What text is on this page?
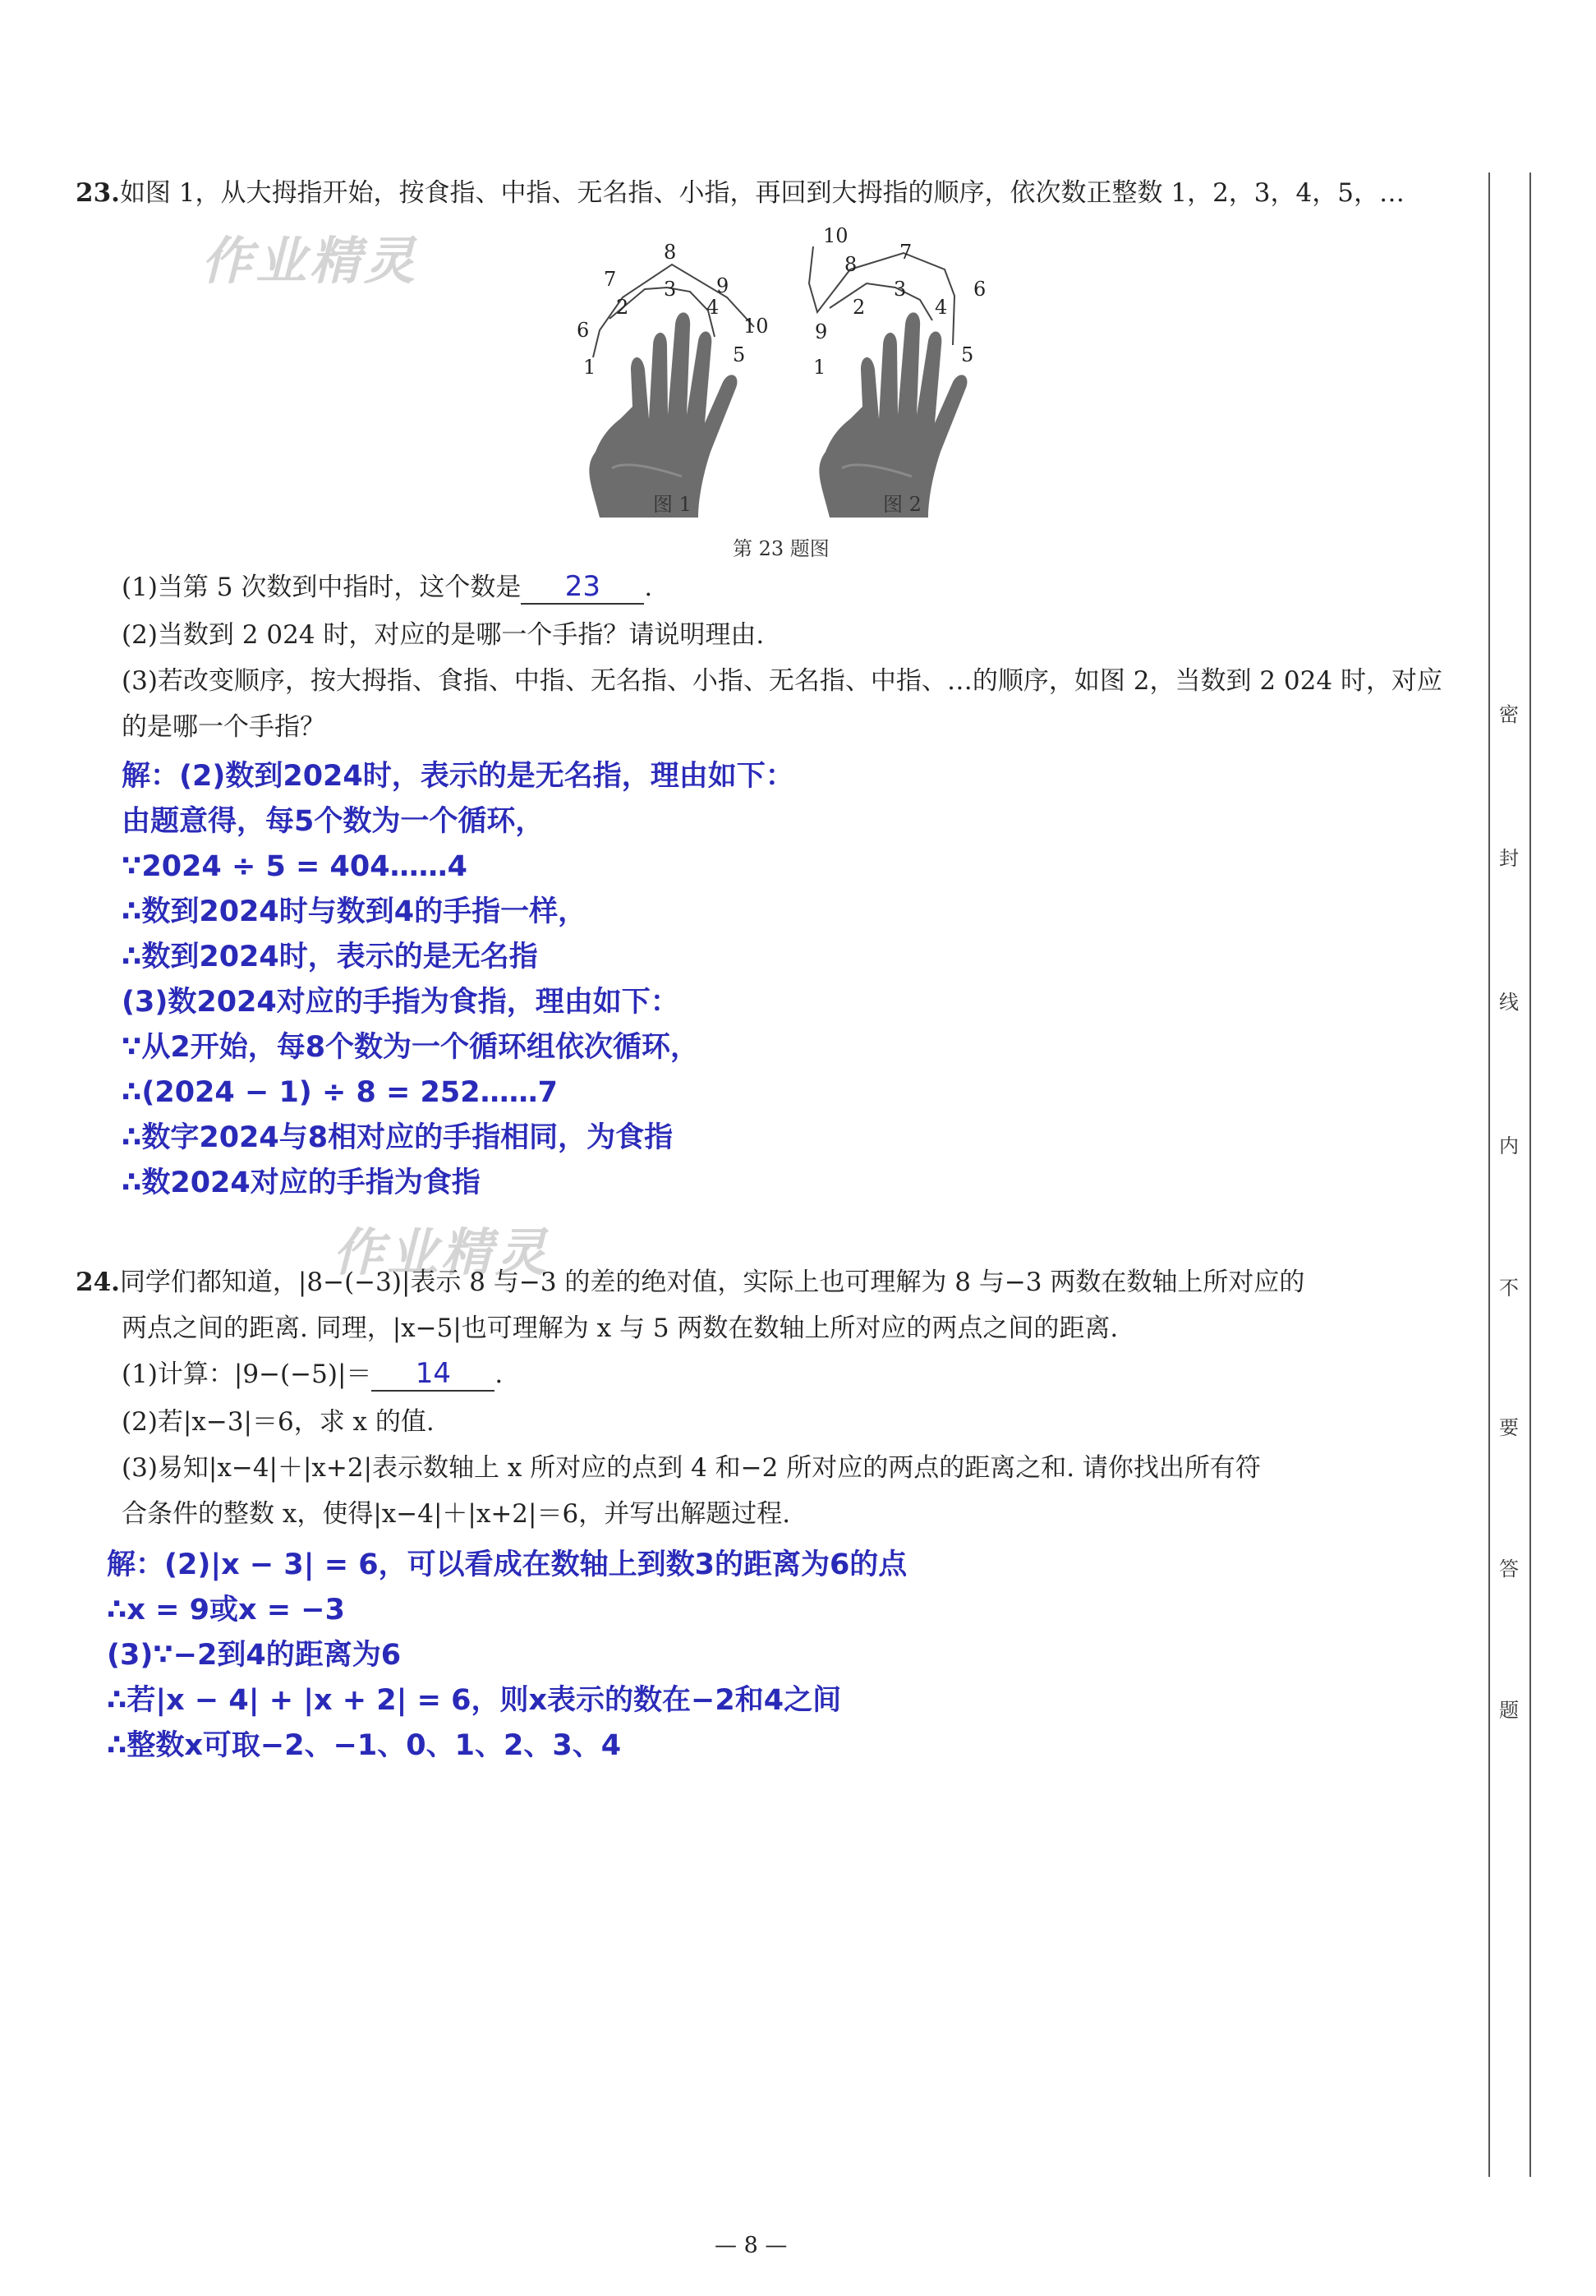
作业精灵
作业精灵
23.如图 1，从大拇指开始，按食指、中指、无名指、小指，再回到大拇指的顺序，依次数正整数 1，2，3，4，5，…
1
2
3
4
5
6
7
8
9
10
1
2
3
4
5
6
7
8
9
10
图 1	图 2
第 23 题图
(1)当第 5 次数到中指时，这个数是 23 .
(2)当数到 2 024 时，对应的是哪一个手指？请说明理由.
(3)若改变顺序，按大拇指、食指、中指、无名指、小指、无名指、中指、…的顺序，如图 2，当数到 2 024 时，对应
的是哪一个手指？
解：(2)数到2024时，表示的是无名指，理由如下：
由题意得，每5个数为一个循环，
∵2024 ÷ 5 = 404……4
∴数到2024时与数到4的手指一样，
∴数到2024时，表示的是无名指
(3)数2024对应的手指为食指，理由如下：
∵从2开始，每8个数为一个循环组依次循环，
∴(2024 − 1) ÷ 8 = 252……7
∴数字2024与8相对应的手指相同，为食指
∴数2024对应的手指为食指
24.同学们都知道，|8−(−3)|表示 8 与−3 的差的绝对值，实际上也可理解为 8 与−3 两数在数轴上所对应的
两点之间的距离. 同理，|x−5|也可理解为 x 与 5 两数在数轴上所对应的两点之间的距离.
(1)计算：|9−(−5)|＝ 14 .
(2)若|x−3|＝6，求 x 的值.
(3)易知|x−4|＋|x+2|表示数轴上 x 所对应的点到 4 和−2 所对应的两点的距离之和. 请你找出所有符
合条件的整数 x，使得|x−4|＋|x+2|＝6，并写出解题过程.
解：(2)|x − 3| = 6，可以看成在数轴上到数3的距离为6的点
∴x = 9或x = −3
(3)∵−2到4的距离为6
∴若|x − 4| + |x + 2| = 6，则x表示的数在−2和4之间
∴整数x可取−2、−1、0、1、2、3、4
密
封
线
内
不
要
答
题
— 8 —
